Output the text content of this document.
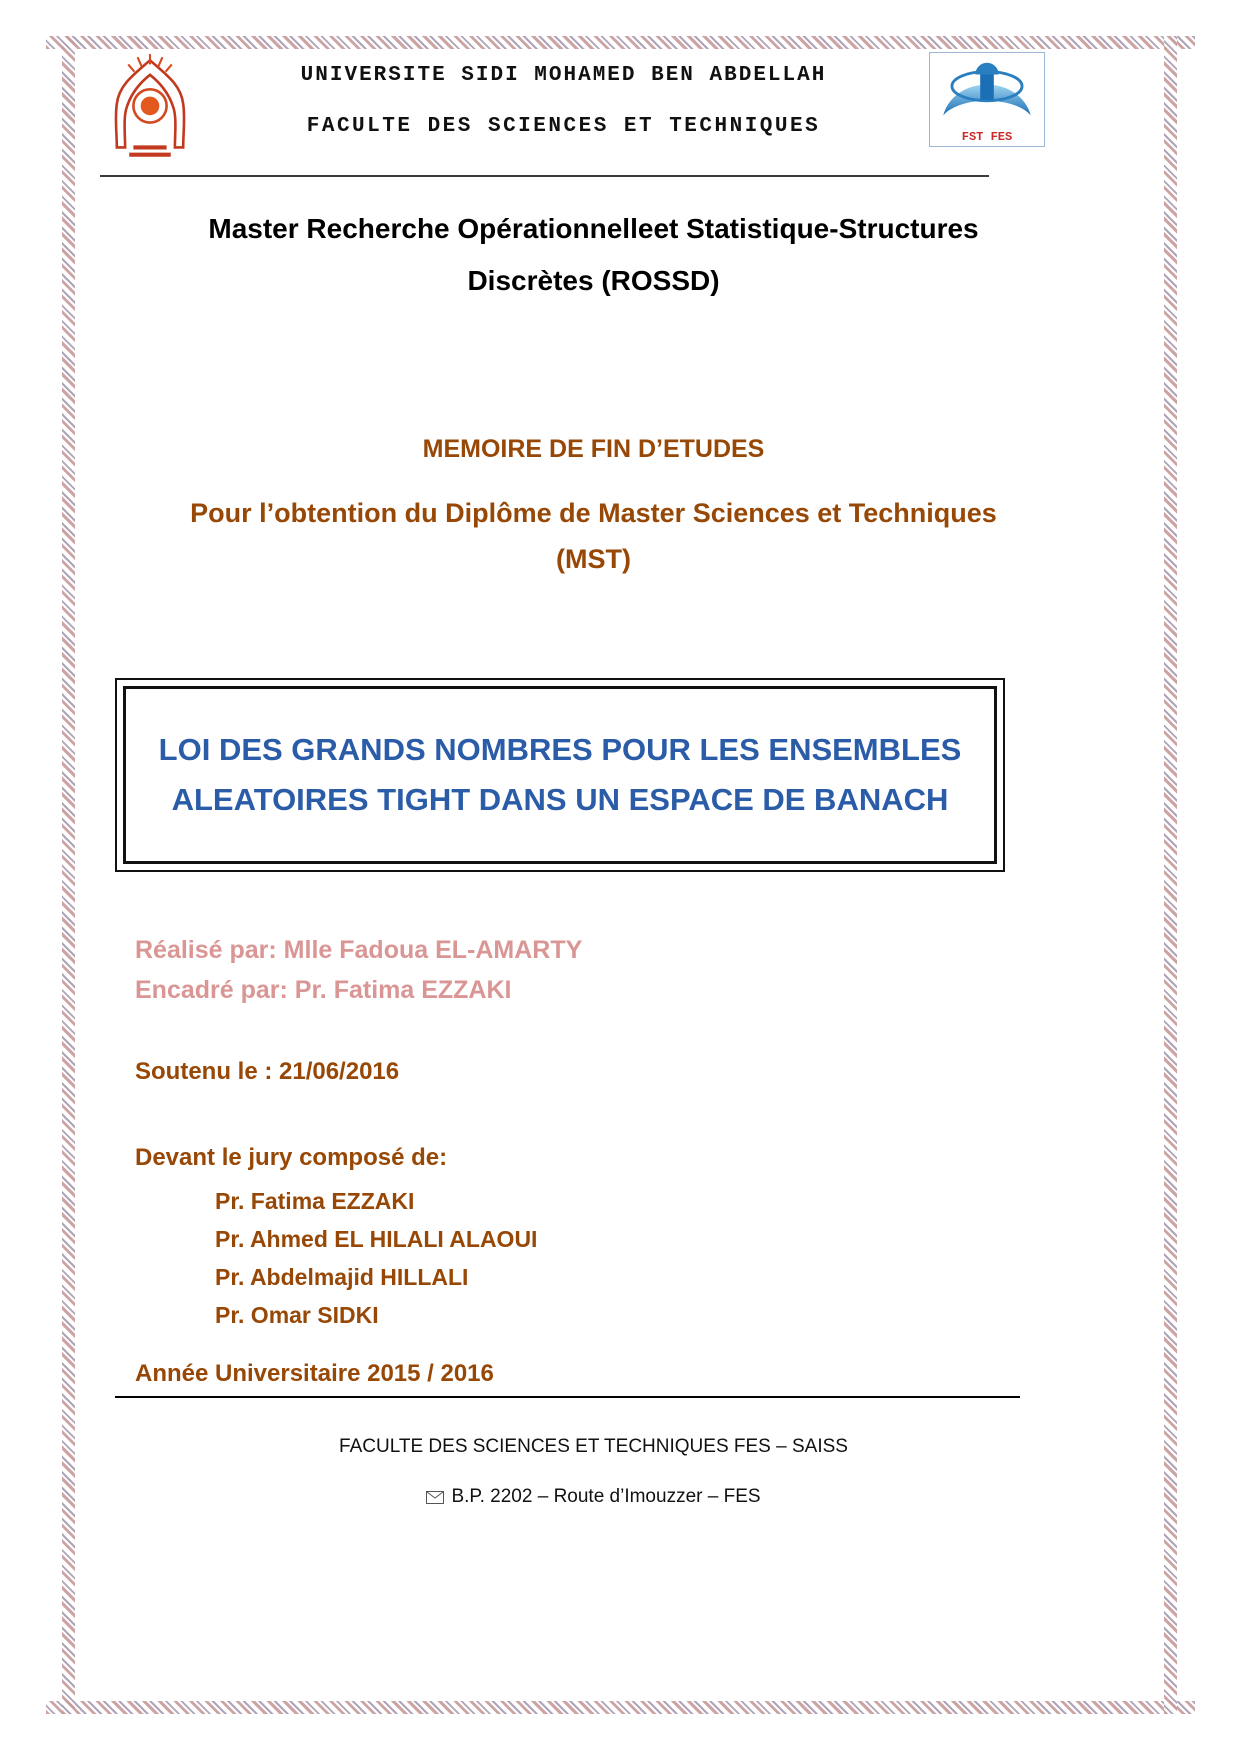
UNIVERSITE SIDI MOHAMED BEN ABDELLAH
FACULTE DES SCIENCES ET TECHNIQUES	FST FES
Master Recherche Opérationnelleet Statistique-Structures
Discrètes (ROSSD)
MEMOIRE DE FIN D’ETUDES
Pour l’obtention du Diplôme de Master Sciences et Techniques
(MST)
LOI DES GRANDS NOMBRES POUR LES ENSEMBLES ALEATOIRES TIGHT DANS UN ESPACE DE BANACH
Réalisé par: Mlle Fadoua EL-AMARTY
Encadré par: Pr. Fatima EZZAKI
Soutenu le : 21/06/2016
Devant le jury composé de:
Pr. Fatima EZZAKI
Pr. Ahmed EL HILALI ALAOUI
Pr. Abdelmajid HILLALI
Pr. Omar SIDKI
Année Universitaire 2015 / 2016
FACULTE DES SCIENCES ET TECHNIQUES FES – SAISS
B.P. 2202 – Route d’Imouzzer – FES
